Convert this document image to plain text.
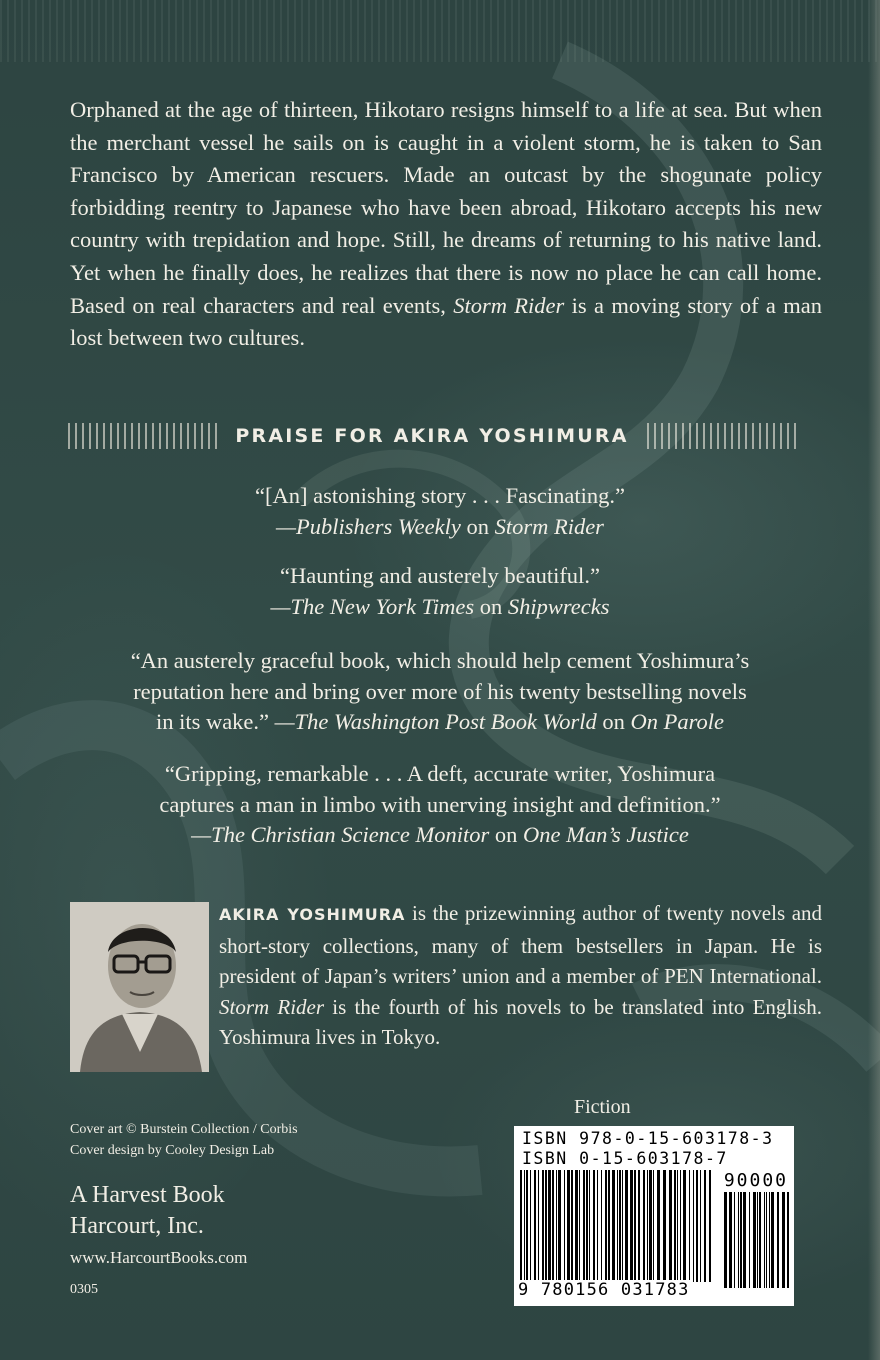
Orphaned at the age of thirteen, Hikotaro resigns himself to a life at sea. But when the merchant vessel he sails on is caught in a violent storm, he is taken to San Francisco by American rescuers. Made an outcast by the shogunate policy forbidding reentry to Japanese who have been abroad, Hikotaro accepts his new country with trepidation and hope. Still, he dreams of returning to his native land. Yet when he finally does, he realizes that there is now no place he can call home. Based on real characters and real events, Storm Rider is a moving story of a man lost between two cultures.

PRAISE FOR AKIRA YOSHIMURA
“[An] astonishing story . . . Fascinating.”
—Publishers Weekly on Storm Rider
“Haunting and austerely beautiful.”
—The New York Times on Shipwrecks
“An austerely graceful book, which should help cement Yoshimura’s
reputation here and bring over more of his twenty bestselling novels
in its wake.” —The Washington Post Book World on On Parole
“Gripping, remarkable . . . A deft, accurate writer, Yoshimura
captures a man in limbo with unerving insight and definition.”
—The Christian Science Monitor on One Man’s Justice

AKIRA YOSHIMURA is the prizewinning author of twenty novels and short-story collections, many of them bestsellers in Japan. He is president of Japan’s writers’ union and a member of PEN International. Storm Rider is the fourth of his novels to be translated into English. Yoshimura lives in Tokyo.

Cover art © Burstein Collection / Corbis
Cover design by Cooley Design Lab
A Harvest Book
Harcourt, Inc.
www.HarcourtBooks.com
0305
Fiction
ISBN 978-0-15-603178-3
ISBN 0-15-603178-7
90000
9 780156 031783
